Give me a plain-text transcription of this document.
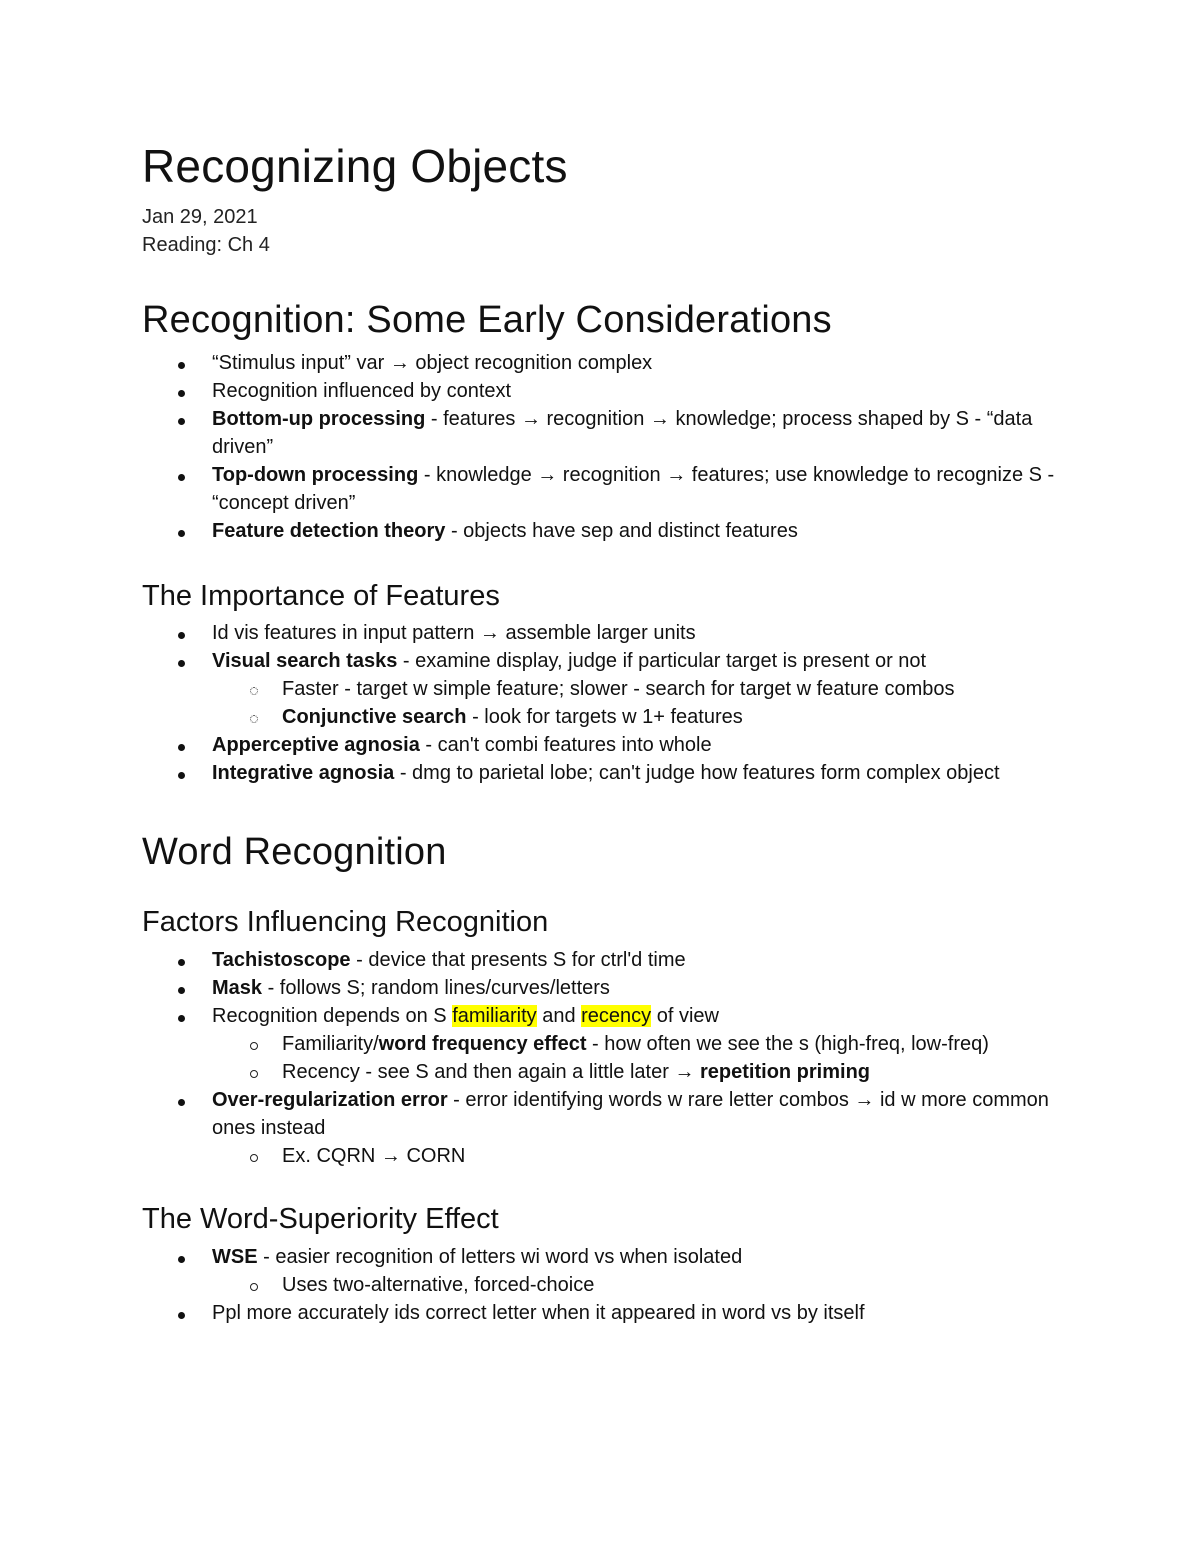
Recognizing Objects
Jan 29, 2021
Reading: Ch 4
Recognition: Some Early Considerations
“Stimulus input” var → object recognition complex
Recognition influenced by context
Bottom-up processing - features → recognition → knowledge; process shaped by S - “data driven”
Top-down processing - knowledge → recognition → features; use knowledge to recognize S - “concept driven”
Feature detection theory - objects have sep and distinct features
The Importance of Features
Id vis features in input pattern → assemble larger units
Visual search tasks - examine display, judge if particular target is present or not
Faster - target w simple feature; slower - search for target w feature combos
Conjunctive search - look for targets w 1+ features
Apperceptive agnosia - can't combi features into whole
Integrative agnosia - dmg to parietal lobe; can't judge how features form complex object
Word Recognition
Factors Influencing Recognition
Tachistoscope - device that presents S for ctrl'd time
Mask - follows S; random lines/curves/letters
Recognition depends on S familiarity and recency of view
Familiarity/word frequency effect - how often we see the s (high-freq, low-freq)
Recency - see S and then again a little later → repetition priming
Over-regularization error - error identifying words w rare letter combos → id w more common ones instead
Ex. CQRN → CORN
The Word-Superiority Effect
WSE - easier recognition of letters wi word vs when isolated
Uses two-alternative, forced-choice
Ppl more accurately ids correct letter when it appeared in word vs by itself
